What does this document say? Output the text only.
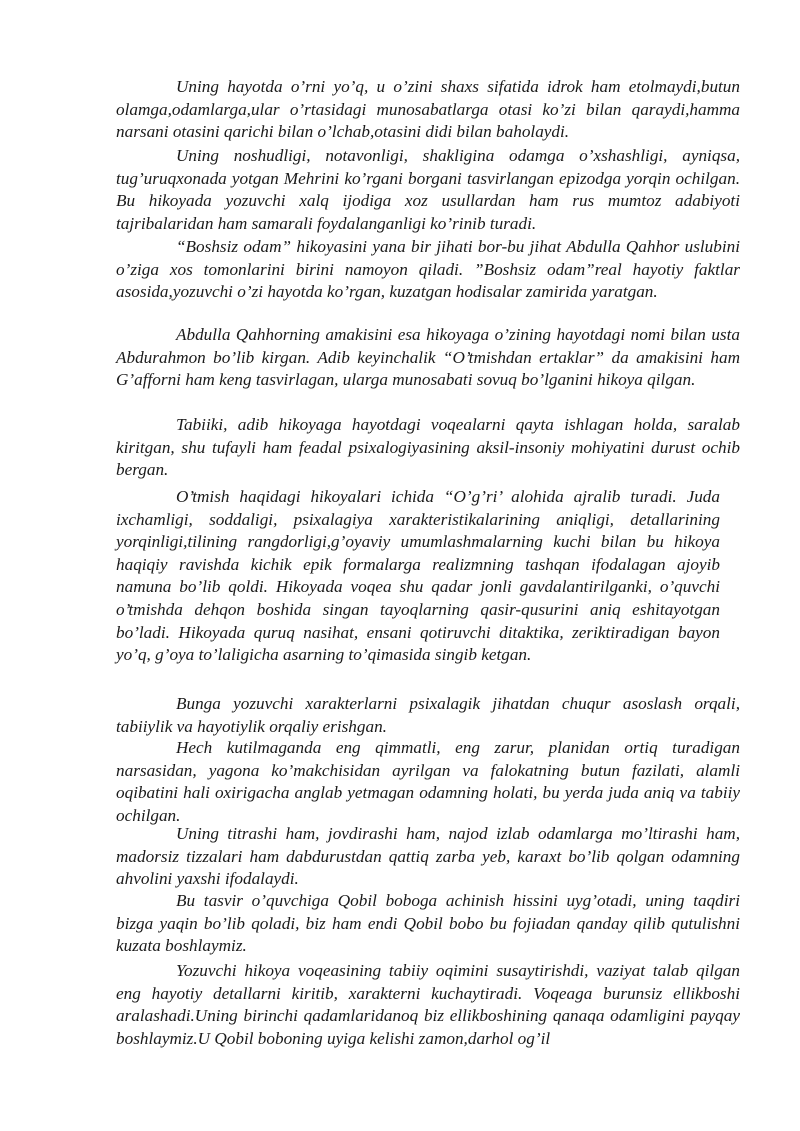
Uning hayotda o’rni yo’q, u o’zini shaxs sifatida idrok ham etolmaydi,butun olamga,odamlarga,ular o’rtasidagi munosabatlarga otasi ko’zi bilan qaraydi,hamma narsani otasini qarichi bilan o’lchab,otasini didi bilan baholaydi.

Uning noshudligi, notavonligi, shakligina odamga o’xshashligi, ayniqsa, tug’uruqxonada yotgan Mehrini ko’rgani borgani tasvirlangan epizodga yorqin ochilgan. Bu hikoyada yozuvchi xalq ijodiga xoz usullardan ham rus mumtoz adabiyoti tajribalaridan ham samarali foydalanganligi ko’rinib turadi.

“Boshsiz odam” hikoyasini yana bir jihati bor-bu jihat Abdulla Qahhor uslubini o’ziga xos tomonlarini birini namoyon qiladi. ”Boshsiz odam”real hayotiy faktlar asosida,yozuvchi o’zi hayotda ko’rgan, kuzatgan hodisalar zamirida yaratgan.

Abdulla Qahhorning amakisini esa hikoyaga o’zining hayotdagi nomi bilan usta Abdurahmon bo’lib kirgan. Adib keyinchalik “O’tmishdan ertaklar” da amakisini ham G’afforni ham keng tasvirlagan, ularga munosabati sovuq bo’lganini hikoya qilgan.

Tabiiki, adib hikoyaga hayotdagi voqealarni qayta ishlagan holda, saralab kiritgan, shu tufayli ham feadal psixalogiyasining aksil-insoniy mohiyatini durust ochib bergan.

O’tmish haqidagi hikoyalari ichida “O’g’ri’ alohida ajralib turadi. Juda ixchamligi, soddaligi, psixalagiya xarakteristikalarining aniqligi, detallarining yorqinligi,tilining rangdorligi,g’oyaviy umumlashmalarning kuchi bilan bu hikoya haqiqiy ravishda kichik epik formalarga realizmning tashqan ifodalagan ajoyib namuna bo’lib qoldi. Hikoyada voqea shu qadar jonli gavdalantirilganki, o’quvchi o’tmishda dehqon boshida singan tayoqlarning qasir-qusurini aniq eshitayotgan bo’ladi. Hikoyada quruq nasihat, ensani qotiruvchi ditaktika, zeriktiradigan bayon yo’q, g’oya to’laligicha asarning to’qimasida singib ketgan.

Bunga yozuvchi xarakterlarni psixalagik jihatdan chuqur asoslash orqali, tabiiylik va hayotiylik orqaliy erishgan.

Hech kutilmaganda eng qimmatli, eng zarur, planidan ortiq turadigan narsasidan, yagona ko’makchisidan ayrilgan va falokatning butun fazilati, alamli oqibatini hali oxirigacha anglab yetmagan odamning holati, bu yerda juda aniq va tabiiy ochilgan.

Uning titrashi ham, jovdirashi ham, najod izlab odamlarga mo’ltirashi ham, madorsiz tizzalari ham dabdurustdan qattiq zarba yeb, karaxt bo’lib qolgan odamning ahvolini yaxshi ifodalaydi.

Bu tasvir o’quvchiga Qobil boboga achinish hissini uyg’otadi, uning taqdiri bizga yaqin bo’lib qoladi, biz ham endi Qobil bobo bu fojiadan qanday qilib qutulishni kuzata boshlaymiz.

Yozuvchi hikoya voqeasining tabiiy oqimini susaytirishdi, vaziyat talab qilgan eng hayotiy detallarni kiritib, xarakterni kuchaytiradi. Voqeaga burunsiz ellikboshi aralashadi.Uning birinchi qadamlaridanoq biz ellikboshining qanaqa odamligini payqay boshlaymiz.U Qobil boboning uyiga kelishi zamon,darhol og’il
